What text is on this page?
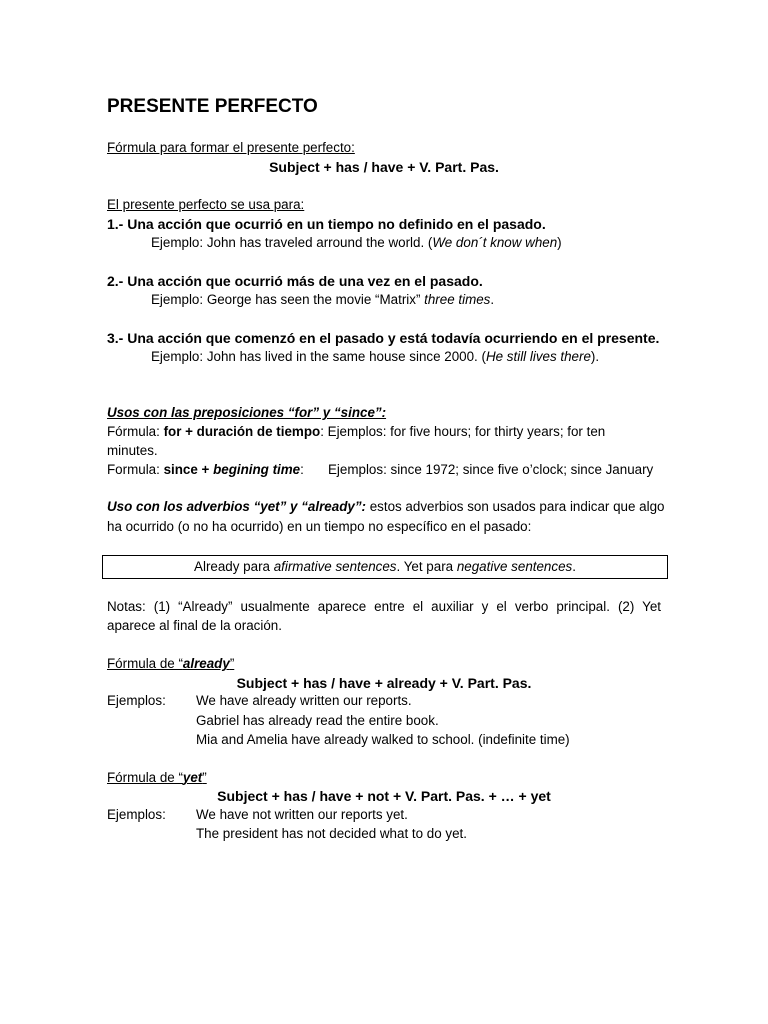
PRESENTE PERFECTO
Fórmula para formar el presente perfecto:
Subject + has / have + V. Part. Pas.
El presente perfecto se usa para:
1.- Una acción que ocurrió en un tiempo no definido en el pasado.
Ejemplo: John has traveled arround the world. (We don´t know when)
2.- Una acción que ocurrió más de una vez en el pasado.
Ejemplo: George has seen the movie “Matrix” three times.
3.- Una acción que comenzó en el pasado y está todavía ocurriendo en el presente.
Ejemplo: John has lived in the same house since 2000. (He still lives there).
Usos con las preposiciones “for” y “since”:
Fórmula: for + duración de tiempo: Ejemplos: for five hours; for thirty years; for ten
minutes.
Formula: since + begining time: Ejemplos: since 1972; since five o’clock; since January
Uso con los adverbios “yet” y “already”: estos adverbios son usados para indicar que algo
ha ocurrido (o no ha ocurrido) en un tiempo no específico en el pasado:
Already para afirmative sentences. Yet para negative sentences.
Notas: (1) “Already” usualmente aparece entre el auxiliar y el verbo principal. (2) Yet
aparece al final de la oración.
Fórmula de “already”
Subject + has / have + already + V. Part. Pas.
Ejemplos: We have already written our reports.
Gabriel has already read the entire book.
Mia and Amelia have already walked to school. (indefinite time)
Fórmula de “yet”
Subject + has / have + not + V. Part. Pas. + … + yet
Ejemplos: We have not written our reports yet.
The president has not decided what to do yet.
